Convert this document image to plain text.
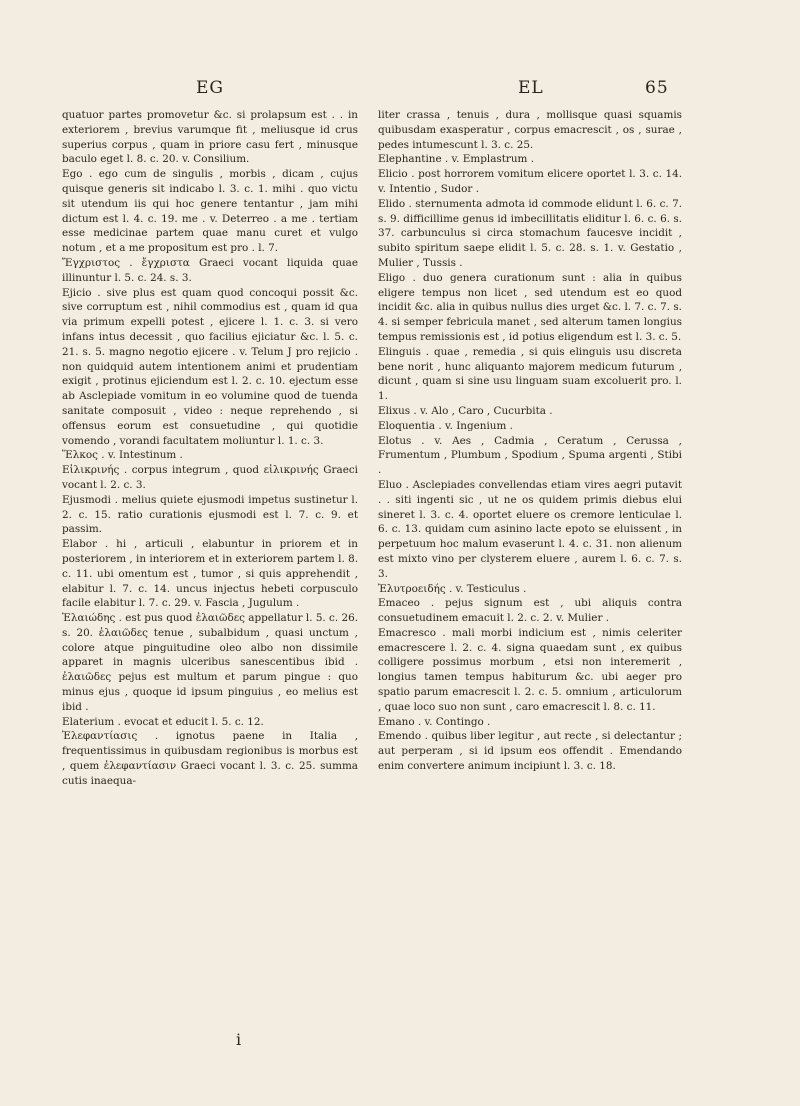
EG	EL	65

quatuor partes promovetur &c. si prolapsum est . . in exteriorem , brevius varumque fit , meliusque id crus superius corpus , quam in priore casu fert , minusque baculo eget l. 8. c. 20. v. Consilium.

Ego . ego cum de singulis , morbis , dicam , cujus quisque generis sit indicabo l. 3. c. 1. mihi . quo victu sit utendum iis qui hoc genere tentantur , jam mihi dictum est l. 4. c. 19. me . v. Deterreo . a me . tertiam esse medicinae partem quae manu curet et vulgo notum , et a me propositum est pro . l. 7.

Ἔγχριστος . ἔγχριστα Graeci vocant liquida quae illinuntur l. 5. c. 24. s. 3.

Ejicio . sive plus est quam quod concoqui possit &c. sive corruptum est , nihil commodius est , quam id qua via primum expelli potest , ejicere l. 1. c. 3. si vero infans intus decessit , quo facilius ejiciatur &c. l. 5. c. 21. s. 5. magno negotio ejicere . v. Telum J pro rejicio . non quidquid autem intentionem animi et prudentiam exigit , protinus ejiciendum est l. 2. c. 10. ejectum esse ab Asclepiade vomitum in eo volumine quod de tuenda sanitate composuit , video : neque reprehendo , si offensus eorum est consuetudine , qui quotidie vomendo , vorandi facultatem moliuntur l. 1. c. 3.

Ἕλκος . v. Intestinum .

Εἰλικρινής . corpus integrum , quod εἰλικρινής Graeci vocant l. 2. c. 3.

Ejusmodi . melius quiete ejusmodi impetus sustinetur l. 2. c. 15. ratio curationis ejusmodi est l. 7. c. 9. et passim.

Elabor . hi , articuli , elabuntur in priorem et in posteriorem , in interiorem et in exteriorem partem l. 8. c. 11. ubi omentum est , tumor , si quis apprehendit , elabitur l. 7. c. 14. uncus injectus hebeti corpusculo facile elabitur l. 7. c. 29. v. Fascia , Jugulum .

Ἐλαιώδης . est pus quod ἐλαιῶδες appellatur l. 5. c. 26. s. 20. ἐλαιῶδες tenue , subalbidum , quasi unctum , colore atque pinguitudine oleo albo non dissimile apparet in magnis ulceribus sanescentibus ibid . ἐλαιῶδες pejus est multum et parum pingue : quo minus ejus , quoque id ipsum pinguius , eo melius est ibid .

Elaterium . evocat et educit l. 5. c. 12.

Ἐλεφαντίασις . ignotus paene in Italia , frequentissimus in quibusdam regionibus is morbus est , quem ἐλεφαντίασιν Graeci vocant l. 3. c. 25. summa cutis inaequa-

liter crassa , tenuis , dura , mollisque quasi squamis quibusdam exasperatur , corpus emacrescit , os , surae , pedes intumescunt l. 3. c. 25.

Elephantine . v. Emplastrum .

Elicio . post horrorem vomitum elicere oportet l. 3. c. 14. v. Intentio , Sudor .

Elido . sternumenta admota id commode elidunt l. 6. c. 7. s. 9. difficillime genus id imbecillitatis eliditur l. 6. c. 6. s. 37. carbunculus si circa stomachum faucesve incidit , subito spiritum saepe elidit l. 5. c. 28. s. 1. v. Gestatio , Mulier , Tussis .

Eligo . duo genera curationum sunt : alia in quibus eligere tempus non licet , sed utendum est eo quod incidit &c. alia in quibus nullus dies urget &c. l. 7. c. 7. s. 4. si semper febricula manet , sed alterum tamen longius tempus remissionis est , id potius eligendum est l. 3. c. 5.

Elinguis . quae , remedia , si quis elinguis usu discreta bene norit , hunc aliquanto majorem medicum futurum , dicunt , quam si sine usu linguam suam excoluerit pro. l. 1.

Elixus . v. Alo , Caro , Cucurbita .

Eloquentia . v. Ingenium .

Elotus . v. Aes , Cadmia , Ceratum , Cerussa , Frumentum , Plumbum , Spodium , Spuma argenti , Stibi .

Eluo . Asclepiades convellendas etiam vires aegri putavit . . siti ingenti sic , ut ne os quidem primis diebus elui sineret l. 3. c. 4. oportet eluere os cremore lenticulae l. 6. c. 13. quidam cum asinino lacte epoto se eluissent , in perpetuum hoc malum evaserunt l. 4. c. 31. non alienum est mixto vino per clysterem eluere , aurem l. 6. c. 7. s. 3.

Ἐλυτροειδής . v. Testiculus .

Emaceo . pejus signum est , ubi aliquis contra consuetudinem emacuit l. 2. c. 2. v. Mulier .

Emacresco . mali morbi indicium est , nimis celeriter emacrescere l. 2. c. 4. signa quaedam sunt , ex quibus colligere possimus morbum , etsi non interemerit , longius tamen tempus habiturum &c. ubi aeger pro spatio parum emacrescit l. 2. c. 5. omnium , articulorum , quae loco suo non sunt , caro emacrescit l. 8. c. 11.

Emano . v. Contingo .

Emendo . quibus liber legitur , aut recte , si delectantur ; aut perperam , si id ipsum eos offendit . Emendando enim convertere animum incipiunt l. 3. c. 18.

i
